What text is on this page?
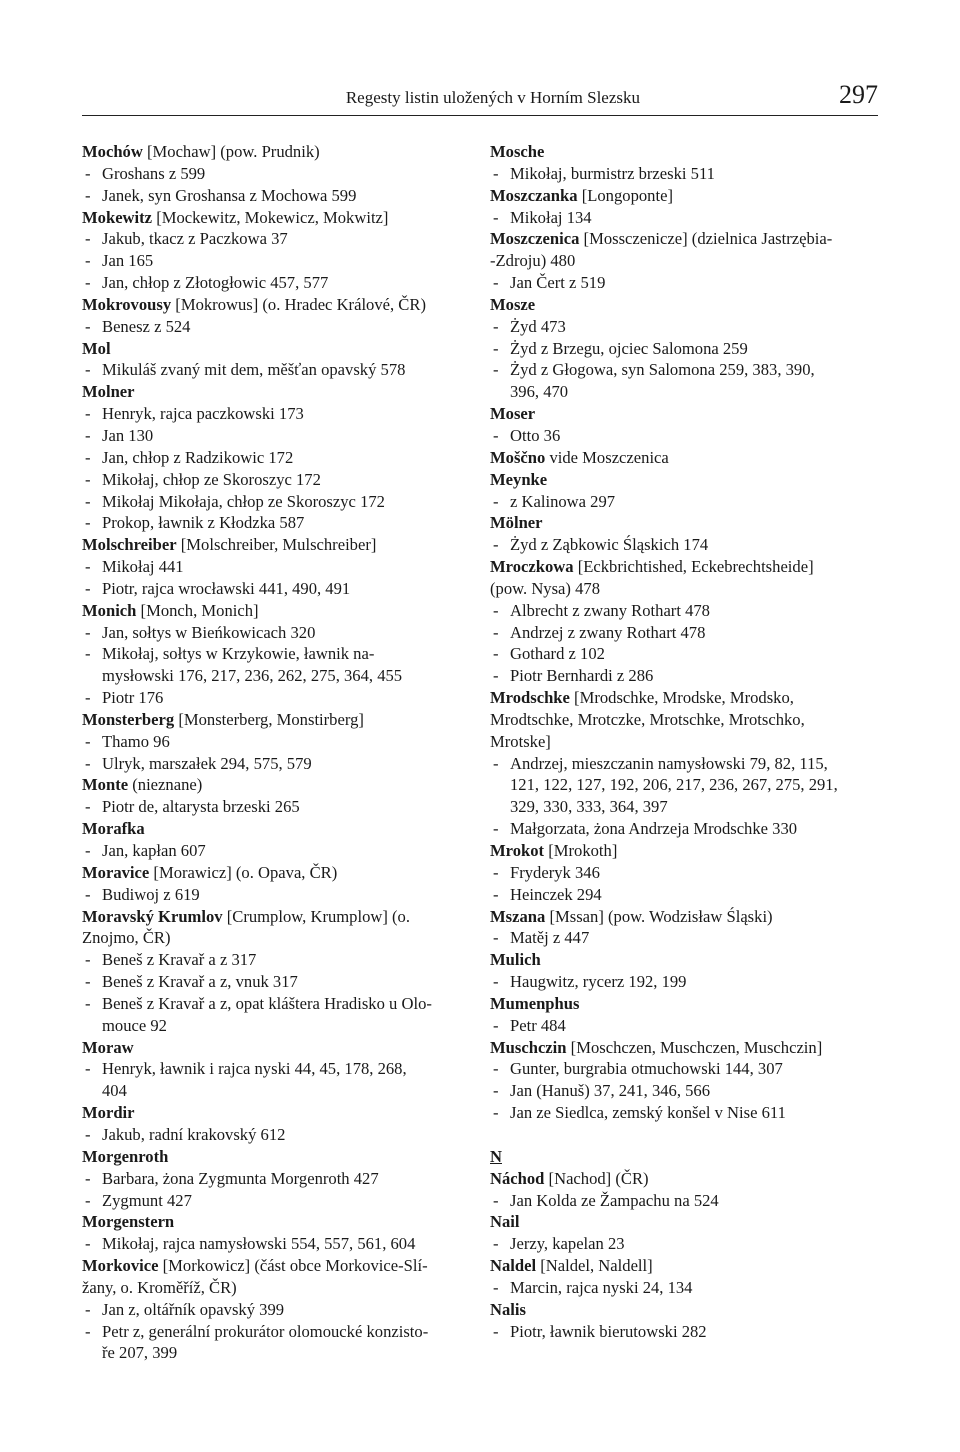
Regesty listin uložených v Horním Slezsku	297
Mochów [Mochaw] (pow. Prudnik)
- Groshans z 599
- Janek, syn Groshansa z Mochowa 599
Mokewitz [Mockewitz, Mokewicz, Mokwitz]
- Jakub, tkacz z Paczkowa 37
- Jan 165
- Jan, chłop z Złotogłowic 457, 577
Mokrovousy [Mokrowus] (o. Hradec Králové, ČR)
- Benesz z 524
Mol
- Mikuláš zvaný mit dem, měšťan opavský 578
Molner
- Henryk, rajca paczkowski 173
- Jan 130
- Jan, chłop z Radzikowic 172
- Mikołaj, chłop ze Skoroszyc 172
- Mikołaj Mikołaja, chłop ze Skoroszyc 172
- Prokop, ławnik z Kłodzka 587
Molschreiber [Molschreiber, Mulschreiber]
- Mikołaj 441
- Piotr, rajca wrocławski 441, 490, 491
Monich [Monch, Monich]
- Jan, sołtys w Bieńkowicach 320
- Mikołaj, sołtys w Krzykowie, ławnik na-
mysłowski 176, 217, 236, 262, 275, 364, 455
- Piotr 176
Monsterberg [Monsterberg, Monstirberg]
- Thamo 96
- Ulryk, marszałek 294, 575, 579
Monte (nieznane)
- Piotr de, altarysta brzeski 265
Morafka
- Jan, kapłan 607
Moravice [Morawicz] (o. Opava, ČR)
- Budiwoj z 619
Moravský Krumlov [Crumplow, Krumplow] (o.
Znojmo, ČR)
- Beneš z Kravař a z 317
- Beneš z Kravař a z, vnuk 317
- Beneš z Kravař a z, opat kláštera Hradisko u Olo-
mouce 92
Moraw
- Henryk, ławnik i rajca nyski 44, 45, 178, 268,
404
Mordir
- Jakub, radní krakovský 612
Morgenroth
- Barbara, żona Zygmunta Morgenroth 427
- Zygmunt 427
Morgenstern
- Mikołaj, rajca namysłowski 554, 557, 561, 604
Morkovice [Morkowicz] (část obce Morkovice-Slí-
žany, o. Kroměříž, ČR)
- Jan z, oltářník opavský 399
- Petr z, generální prokurátor olomoucké konzisto-
ře 207, 399
Mosche
- Mikołaj, burmistrz brzeski 511
Moszczanka [Longoponte]
- Mikołaj 134
Moszczenica [Mossczenicze] (dzielnica Jastrzębia-
-Zdroju) 480
- Jan Čert z 519
Mosze
- Żyd 473
- Żyd z Brzegu, ojciec Salomona 259
- Żyd z Głogowa, syn Salomona 259, 383, 390,
396, 470
Moser
- Otto 36
Moščno vide Moszczenica
Meynke
- z Kalinowa 297
Mölner
- Żyd z Ząbkowic Śląskich 174
Mroczkowa [Eckbrichtished, Eckebrechtsheide]
(pow. Nysa) 478
- Albrecht z zwany Rothart 478
- Andrzej z zwany Rothart 478
- Gothard z 102
- Piotr Bernhardi z 286
Mrodschke [Mrodschke, Mrodske, Mrodsko,
Mrodtschke, Mrotczke, Mrotschke, Mrotschko,
Mrotske]
- Andrzej, mieszczanin namysłowski 79, 82, 115,
121, 122, 127, 192, 206, 217, 236, 267, 275, 291,
329, 330, 333, 364, 397
- Małgorzata, żona Andrzeja Mrodschke 330
Mrokot [Mrokoth]
- Fryderyk 346
- Heinczek 294
Mszana [Mssan] (pow. Wodzisław Śląski)
- Matěj z 447
Mulich
- Haugwitz, rycerz 192, 199
Mumenphus
- Petr 484
Muschczin [Moschczen, Muschczen, Muschczin]
- Gunter, burgrabia otmuchowski 144, 307
- Jan (Hanuš) 37, 241, 346, 566
- Jan ze Siedlca, zemský konšel v Nise 611
N
Náchod [Nachod] (ČR)
- Jan Kolda ze Žampachu na 524
Nail
- Jerzy, kapelan 23
Naldel [Naldel, Naldell]
- Marcin, rajca nyski 24, 134
Nalis
- Piotr, ławnik bierutowski 282
